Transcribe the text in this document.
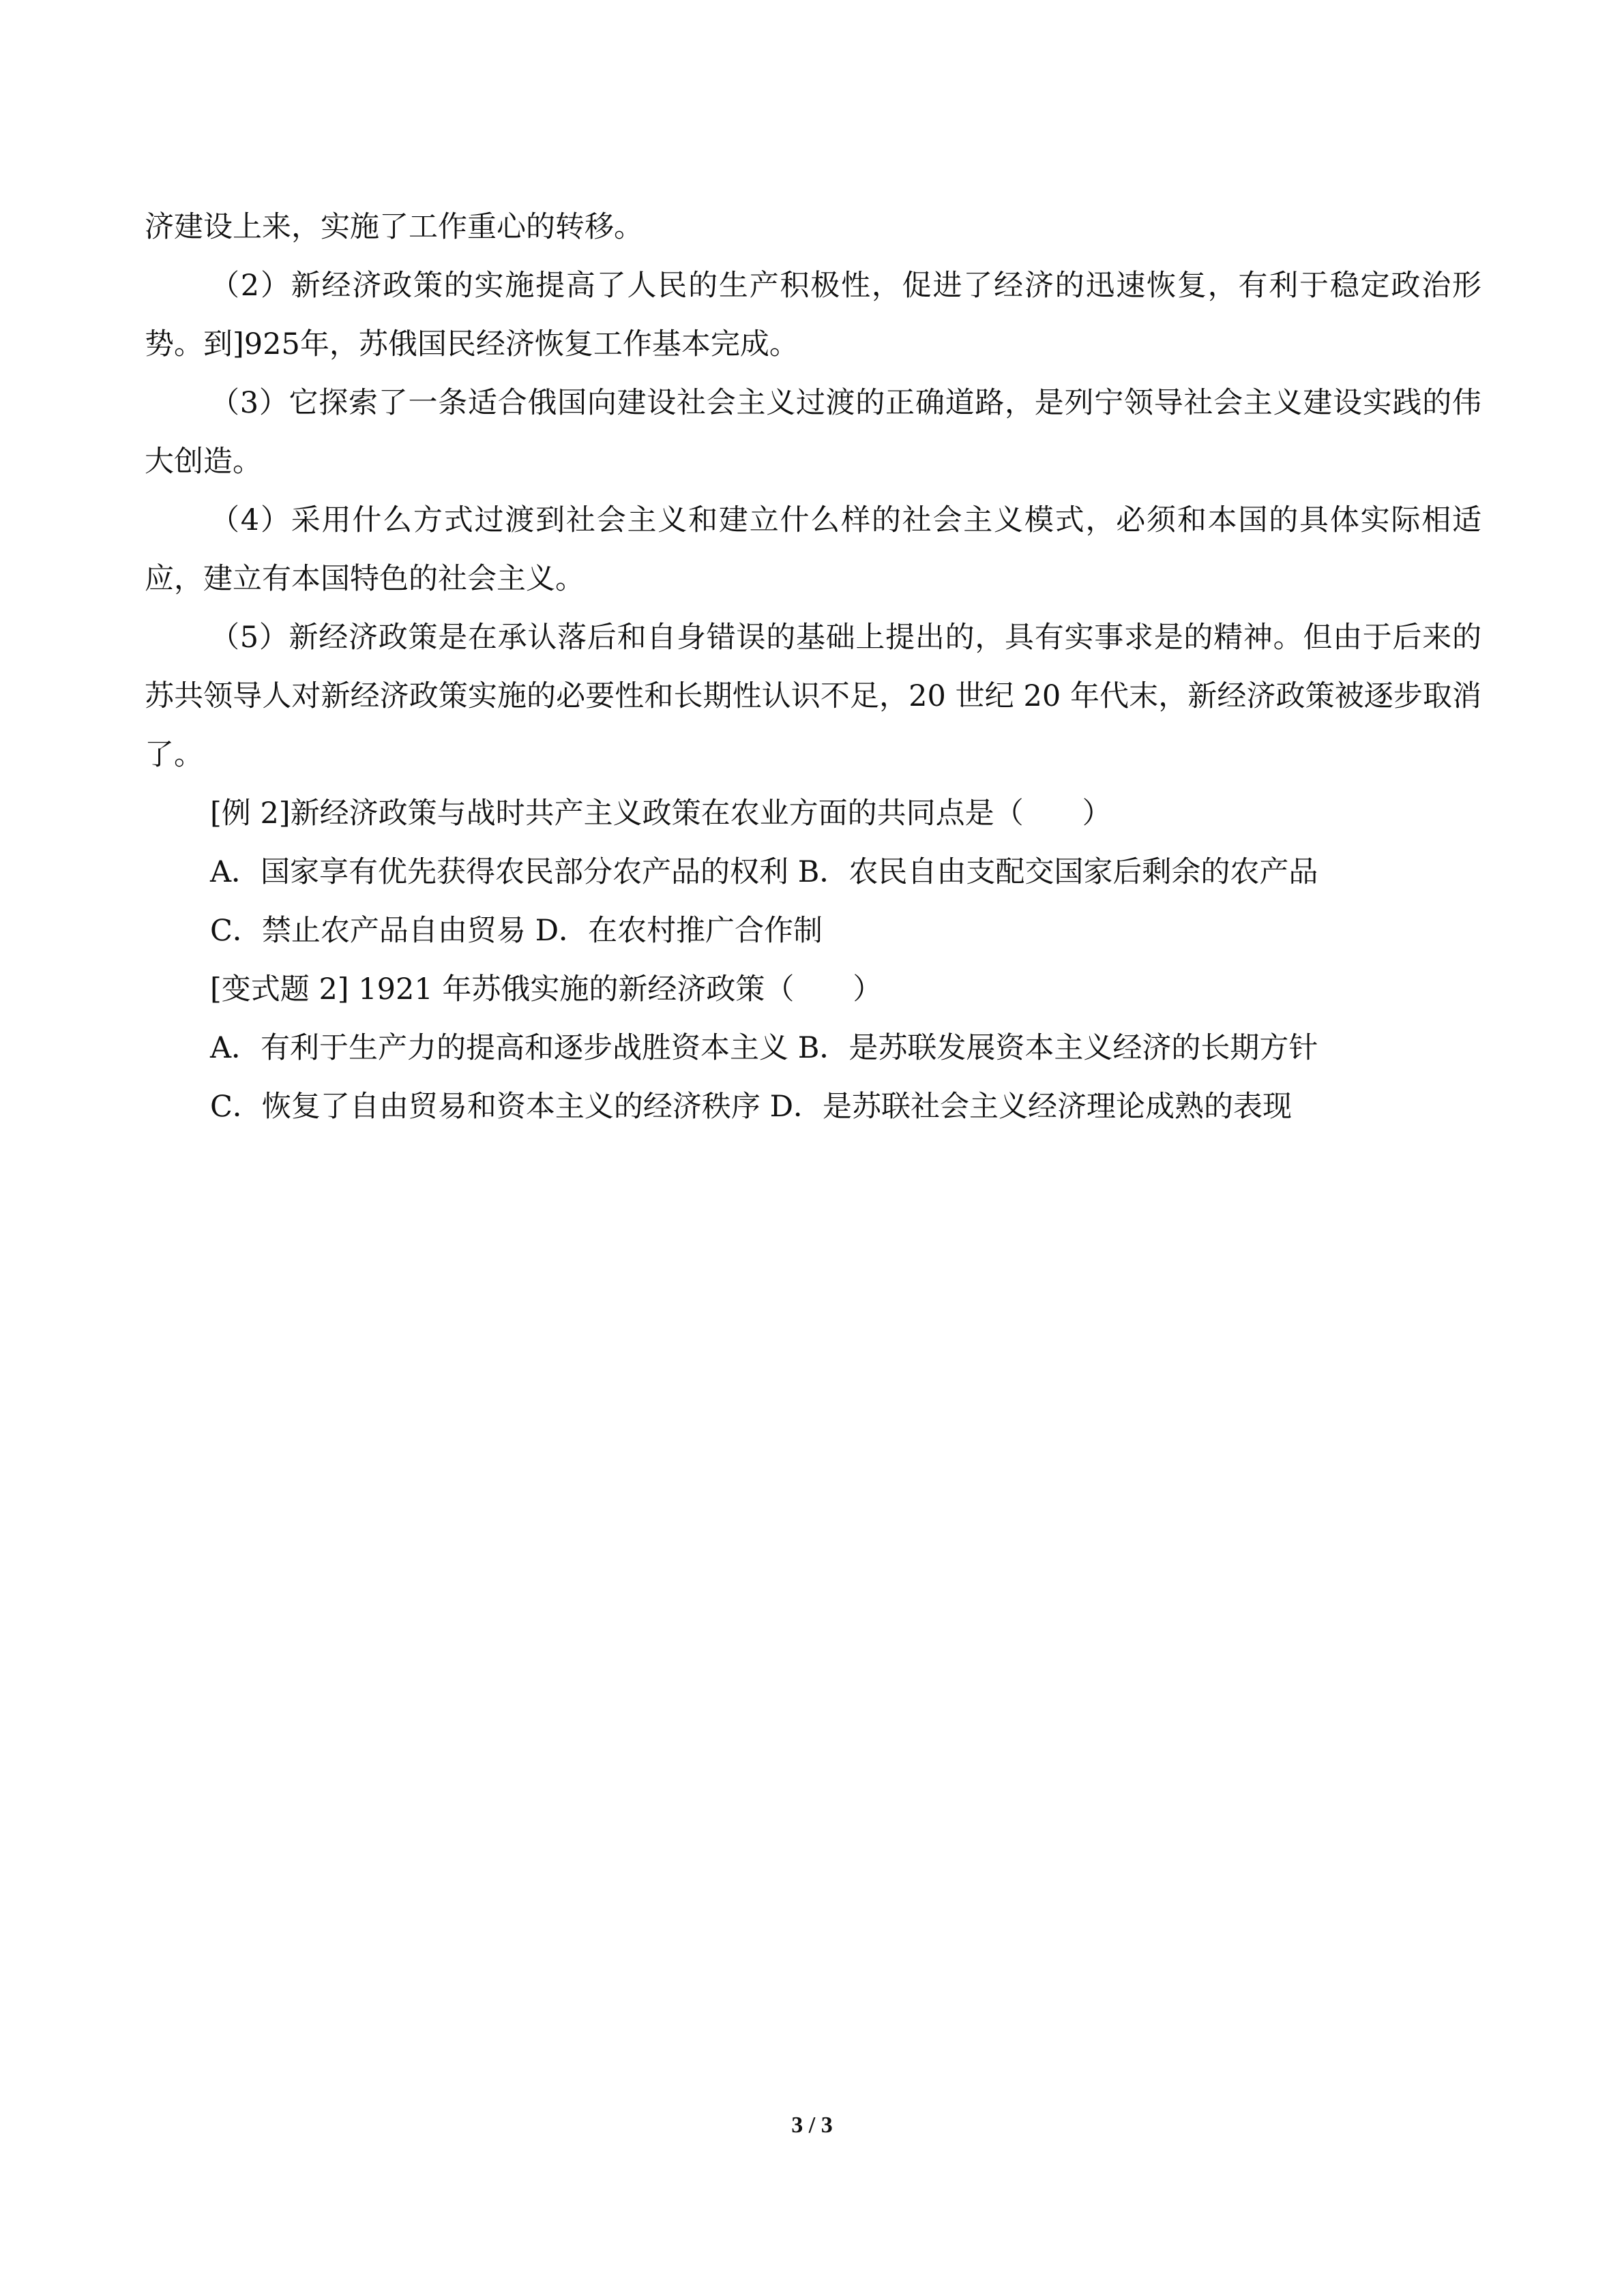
济建设上来，实施了工作重心的转移。

（2）新经济政策的实施提高了人民的生产积极性，促进了经济的迅速恢复，有利于稳定政治形势。到]925年，苏俄国民经济恢复工作基本完成。

（3）它探索了一条适合俄国向建设社会主义过渡的正确道路，是列宁领导社会主义建设实践的伟大创造。

（4）采用什么方式过渡到社会主义和建立什么样的社会主义模式，必须和本国的具体实际相适应，建立有本国特色的社会主义。

（5）新经济政策是在承认落后和自身错误的基础上提出的，具有实事求是的精神。但由于后来的苏共领导人对新经济政策实施的必要性和长期性认识不足，20 世纪 20 年代末，新经济政策被逐步取消了。

[例 2]新经济政策与战时共产主义政策在农业方面的共同点是（　　）

A．国家享有优先获得农民部分农产品的权利 B．农民自由支配交国家后剩余的农产品

C．禁止农产品自由贸易 D．在农村推广合作制

[变式题 2] 1921 年苏俄实施的新经济政策（　　）

A．有利于生产力的提高和逐步战胜资本主义 B．是苏联发展资本主义经济的长期方针

C．恢复了自由贸易和资本主义的经济秩序 D．是苏联社会主义经济理论成熟的表现

3 / 3
